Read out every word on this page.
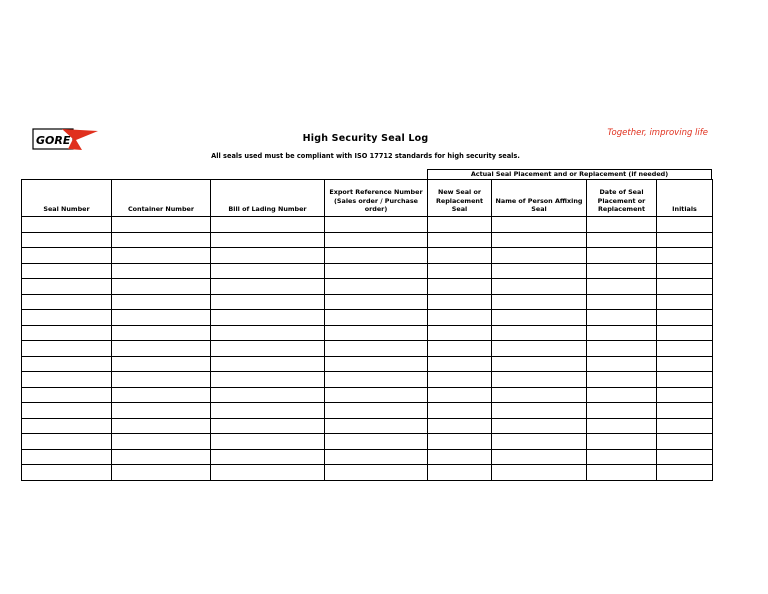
GORE	High Security Seal Log	Together, improving life
All seals used must be compliant with ISO 17712 standards for high security seals.
Actual Seal Placement and or Replacement (if needed)
Seal Number	Container Number	Bill of Lading Number	Export Reference Number (Sales order / Purchase order)	New Seal or Replacement Seal	Name of Person Affixing Seal	Date of Seal Placement or Replacement	Initials
